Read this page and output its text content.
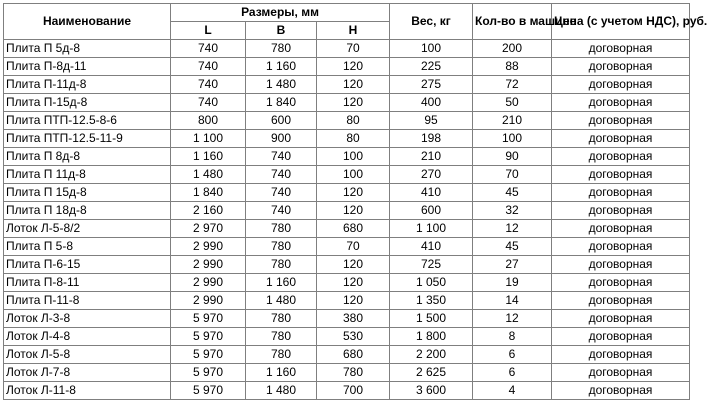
Наименование	Размеры, мм			Вес, кг	Кол-во в машине	Цена (с учетом НДС), руб.
	L	B	H			
Плита П 5д-8	740	780	70	100	200	договорная
Плита П-8д-11	740	1 160	120	225	88	договорная
Плита П-11д-8	740	1 480	120	275	72	договорная
Плита П-15д-8	740	1 840	120	400	50	договорная
Плита ПТП-12.5-8-6	800	600	80	95	210	договорная
Плита ПТП-12.5-11-9	1 100	900	80	198	100	договорная
Плита П 8д-8	1 160	740	100	210	90	договорная
Плита П 11д-8	1 480	740	100	270	70	договорная
Плита П 15д-8	1 840	740	120	410	45	договорная
Плита П 18д-8	2 160	740	120	600	32	договорная
Лоток Л-5-8/2	2 970	780	680	1 100	12	договорная
Плита П 5-8	2 990	780	70	410	45	договорная
Плита П-6-15	2 990	780	120	725	27	договорная
Плита П-8-11	2 990	1 160	120	1 050	19	договорная
Плита П-11-8	2 990	1 480	120	1 350	14	договорная
Лоток Л-3-8	5 970	780	380	1 500	12	договорная
Лоток Л-4-8	5 970	780	530	1 800	8	договорная
Лоток Л-5-8	5 970	780	680	2 200	6	договорная
Лоток Л-7-8	5 970	1 160	780	2 625	6	договорная
Лоток Л-11-8	5 970	1 480	700	3 600	4	договорная
